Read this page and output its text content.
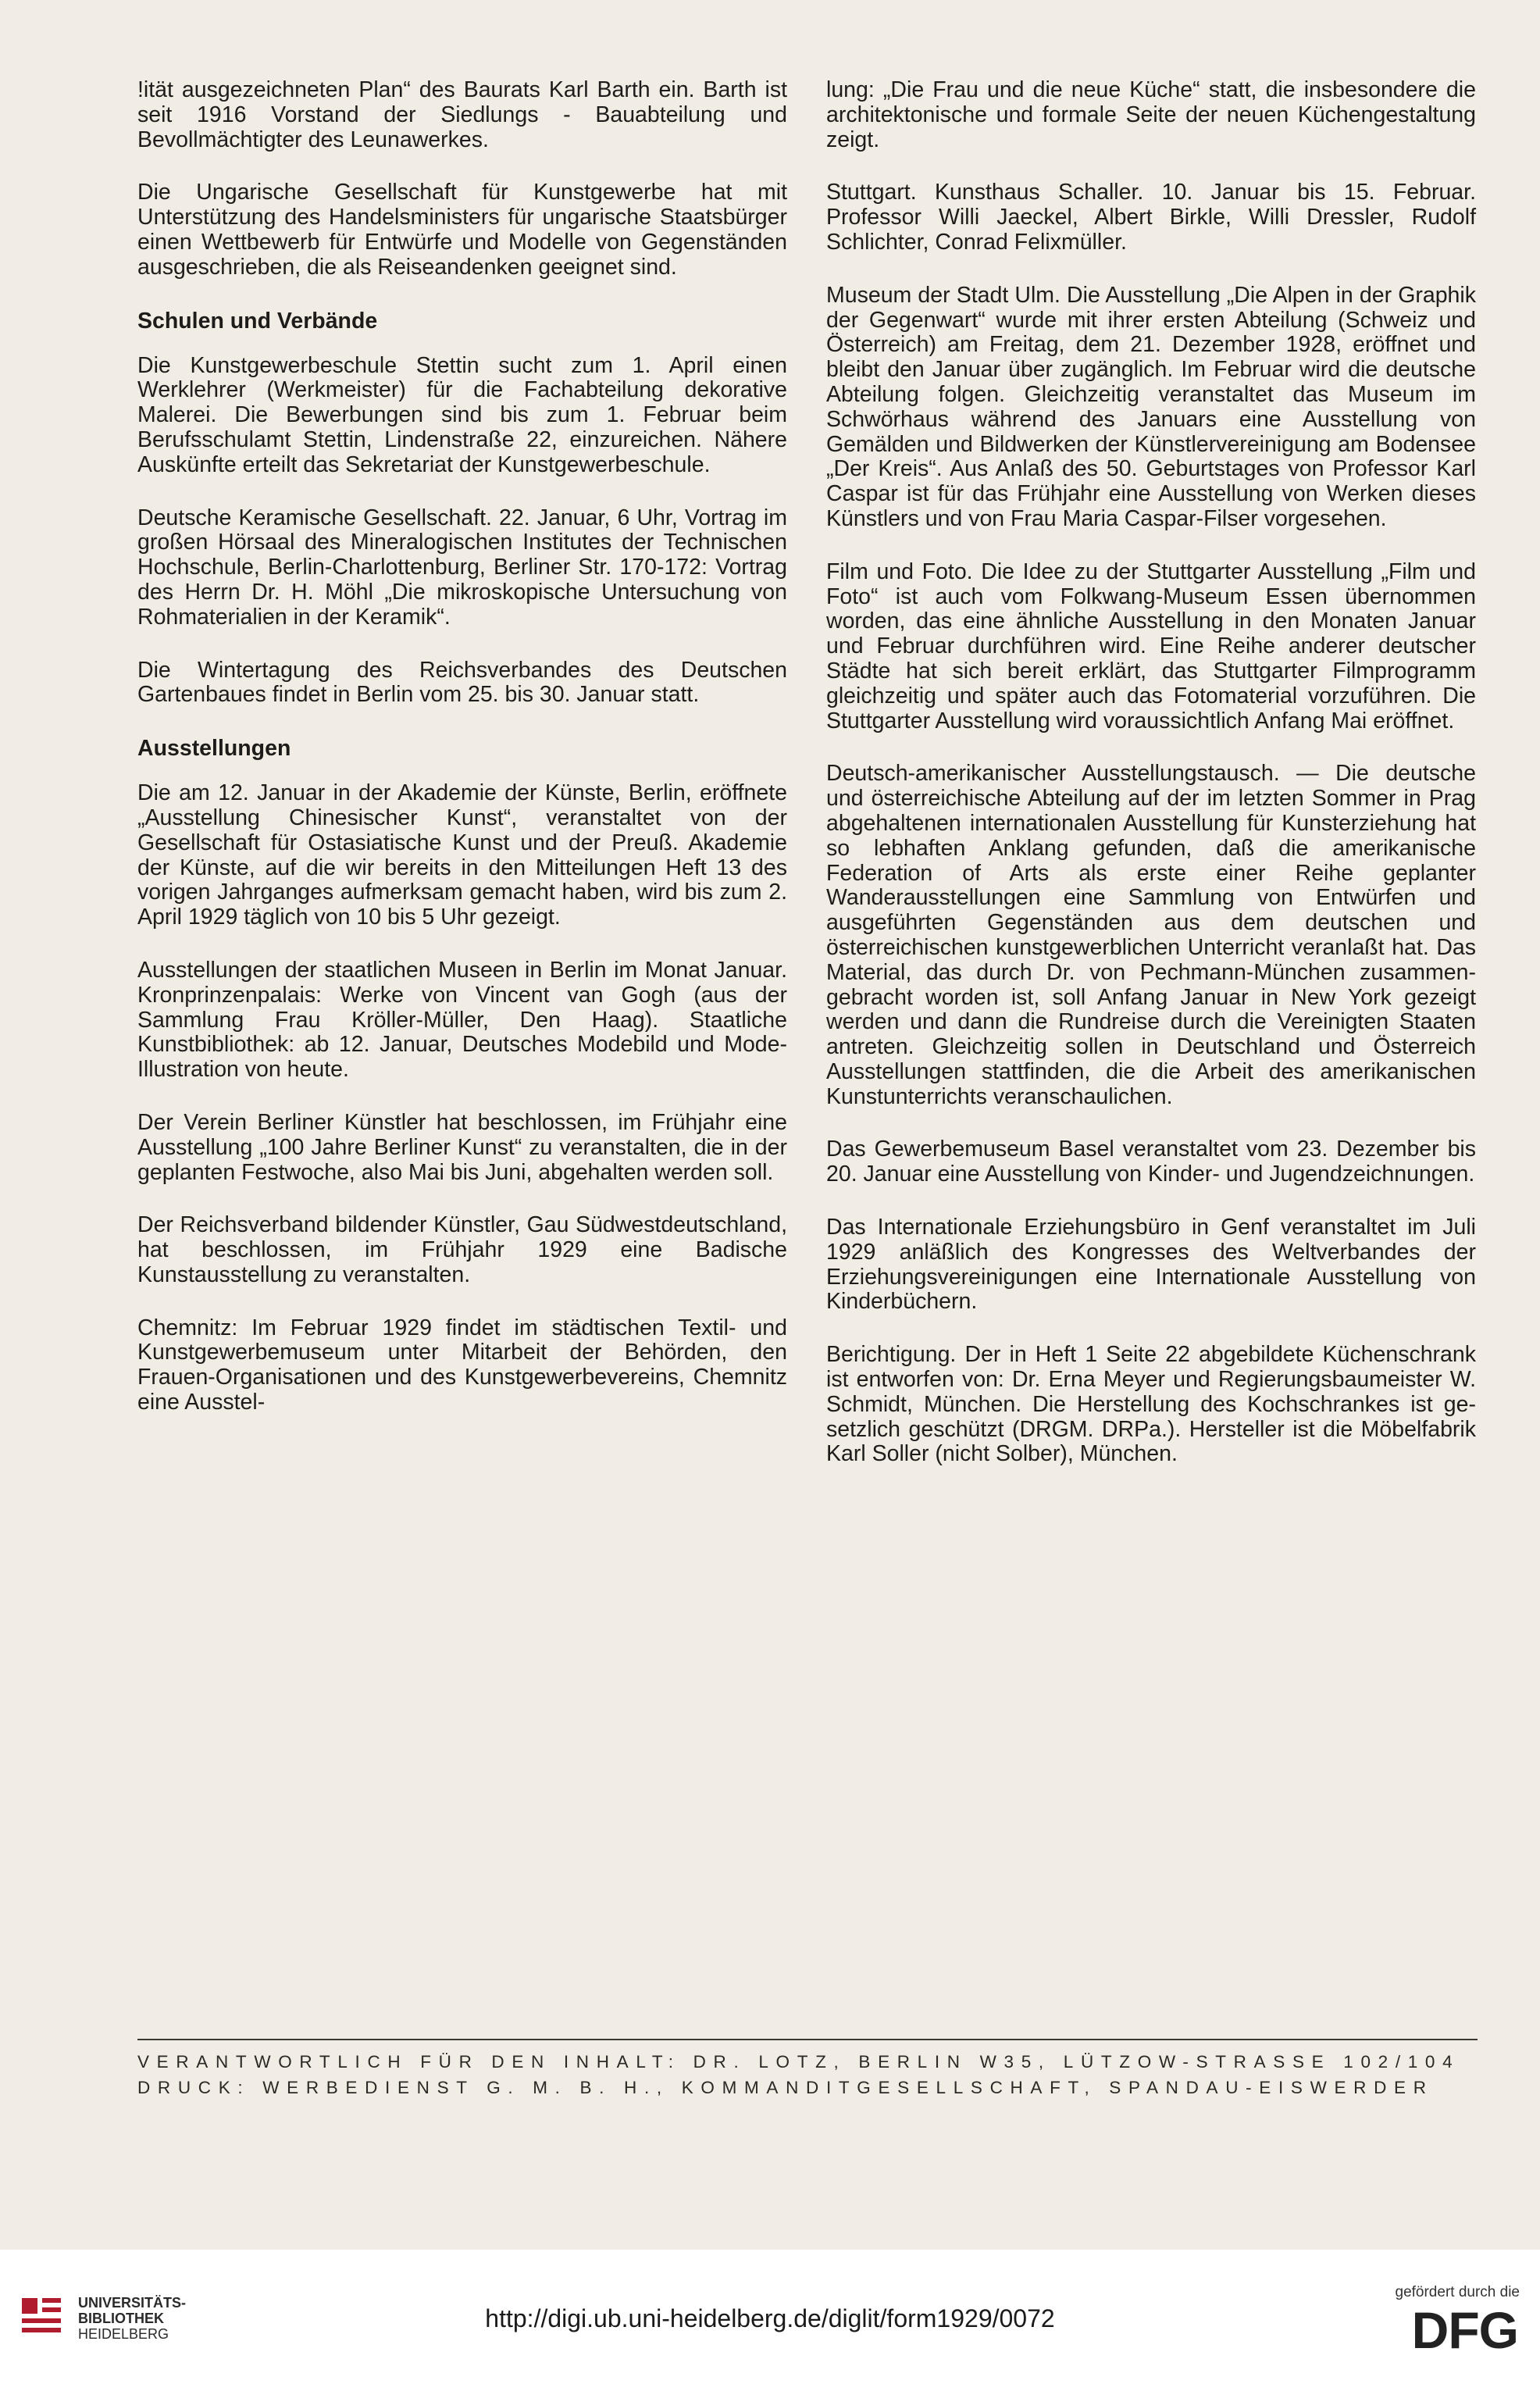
!ität ausgezeichneten Plan“ des Baurats Karl Barth ein. Barth ist seit 1916 Vorstand der Siedlungs - Bauabteilung und Bevollmächtigter des Leunawerkes.

Die Ungarische Gesellschaft für Kunstgewerbe hat mit Unterstützung des Handelsministers für ungarische Staatsbürger einen Wettbewerb für Entwürfe und Modelle von Gegenständen ausgeschrieben, die als Reiseandenken geeignet sind.

Schulen und Verbände

Die Kunstgewerbeschule Stettin sucht zum 1. April einen Werklehrer (Werkmeister) für die Fachabteilung dekorative Malerei. Die Bewerbungen sind bis zum 1. Februar beim Berufsschulamt Stettin, Lindenstraße 22, einzureichen. Nähere Auskünfte erteilt das Sekretariat der Kunstgewerbeschule.

Deutsche Keramische Gesellschaft. 22. Januar, 6 Uhr, Vortrag im großen Hörsaal des Mineralogischen Institutes der Technischen Hochschule, Berlin-Charlottenburg, Berliner Str. 170-172: Vortrag des Herrn Dr. H. Möhl „Die mikroskopische Untersuchung von Rohmaterialien in der Keramik“.

Die Wintertagung des Reichsverbandes des Deutschen Gartenbaues findet in Berlin vom 25. bis 30. Januar statt.

Ausstellungen

Die am 12. Januar in der Akademie der Künste, Berlin, eröffnete „Ausstellung Chinesischer Kunst“, veranstaltet von der Gesellschaft für Ostasiatische Kunst und der Preuß. Akademie der Künste, auf die wir bereits in den Mitteilungen Heft 13 des vorigen Jahrganges aufmerksam gemacht haben, wird bis zum 2. April 1929 täglich von 10 bis 5 Uhr gezeigt.

Ausstellungen der staatlichen Museen in Berlin im Monat Januar. Kronprinzenpalais: Werke von Vincent van Gogh (aus der Sammlung Frau Kröller-Müller, Den Haag). Staatliche Kunstbibliothek: ab 12. Januar, Deutsches Modebild und Mode-Illustration von heute.

Der Verein Berliner Künstler hat beschlossen, im Frühjahr eine Ausstellung „100 Jahre Berliner Kunst“ zu veranstalten, die in der geplanten Festwoche, also Mai bis Juni, abgehalten werden soll.

Der Reichsverband bildender Künstler, Gau Südwestdeutschland, hat beschlossen, im Frühjahr 1929 eine Badische Kunstausstellung zu veranstalten.

Chemnitz: Im Februar 1929 findet im städtischen Textil- und Kunstgewerbemuseum unter Mitarbeit der Behörden, den Frauen-Organisationen und des Kunstgewerbevereins, Chemnitz eine Ausstel-

lung: „Die Frau und die neue Küche“ statt, die insbesondere die architektonische und formale Seite der neuen Küchengestaltung zeigt.

Stuttgart. Kunsthaus Schaller. 10. Januar bis 15. Februar. Professor Willi Jaeckel, Albert Birkle, Willi Dressler, Rudolf Schlichter, Conrad Felixmüller.

Museum der Stadt Ulm. Die Ausstellung „Die Alpen in der Graphik der Gegenwart“ wurde mit ihrer ersten Abteilung (Schweiz und Österreich) am Freitag, dem 21. Dezember 1928, eröffnet und bleibt den Januar über zugänglich. Im Februar wird die deutsche Abteilung folgen. Gleichzeitig veranstaltet das Museum im Schwörhaus während des Januars eine Ausstellung von Gemälden und Bildwerken der Künstlervereinigung am Bodensee „Der Kreis“. Aus Anlaß des 50. Geburtstages von Professor Karl Caspar ist für das Frühjahr eine Ausstellung von Werken dieses Künstlers und von Frau Maria Caspar-Filser vorgesehen.

Film und Foto. Die Idee zu der Stuttgarter Ausstellung „Film und Foto“ ist auch vom Folkwang-Museum Essen übernommen worden, das eine ähnliche Ausstellung in den Monaten Januar und Februar durchführen wird. Eine Reihe anderer deutscher Städte hat sich bereit erklärt, das Stuttgarter Filmprogramm gleichzeitig und später auch das Fotomaterial vorzuführen. Die Stuttgarter Ausstellung wird voraussichtlich Anfang Mai eröffnet.

Deutsch-amerikanischer Ausstellungstausch. — Die deutsche und österreichische Abteilung auf der im letzten Sommer in Prag abgehaltenen internationalen Ausstellung für Kunsterziehung hat so lebhaften Anklang gefunden, daß die amerikanische Federation of Arts als erste einer Reihe geplanter Wanderausstellungen eine Sammlung von Entwürfen und ausgeführten Gegenständen aus dem deutschen und österreichischen kunstgewerblichen Unterricht veranlaßt hat. Das Material, das durch Dr. von Pechmann-München zusammengebracht worden ist, soll Anfang Januar in New York gezeigt werden und dann die Rundreise durch die Vereinigten Staaten antreten. Gleichzeitig sollen in Deutschland und Österreich Ausstellungen stattfinden, die die Arbeit des amerikanischen Kunstunterrichts veranschaulichen.

Das Gewerbemuseum Basel veranstaltet vom 23. Dezember bis 20. Januar eine Ausstellung von Kinder- und Jugendzeichnungen.

Das Internationale Erziehungsbüro in Genf veranstaltet im Juli 1929 anläßlich des Kongresses des Weltverbandes der Erziehungsvereinigungen eine Internationale Ausstellung von Kinderbüchern.

Berichtigung. Der in Heft 1 Seite 22 abgebildete Küchenschrank ist entworfen von: Dr. Erna Meyer und Regierungsbaumeister W. Schmidt, München. Die Herstellung des Kochschrankes ist gesetzlich geschützt (DRGM. DRPa.). Hersteller ist die Möbelfabrik Karl Soller (nicht Solber), München.

VERANTWORTLICH FÜR DEN INHALT: DR. LOTZ, BERLIN W35, LÜTZOW-STRASSE 102/104
DRUCK: WERBEDIENST G. M. B. H., KOMMANDITGESELLSCHAFT, SPANDAU-EISWERDER
UNIVERSITÄTS-
BIBLIOTHEK
HEIDELBERG
http://digi.ub.uni-heidelberg.de/diglit/form1929/0072
gefördert durch die
DFG
